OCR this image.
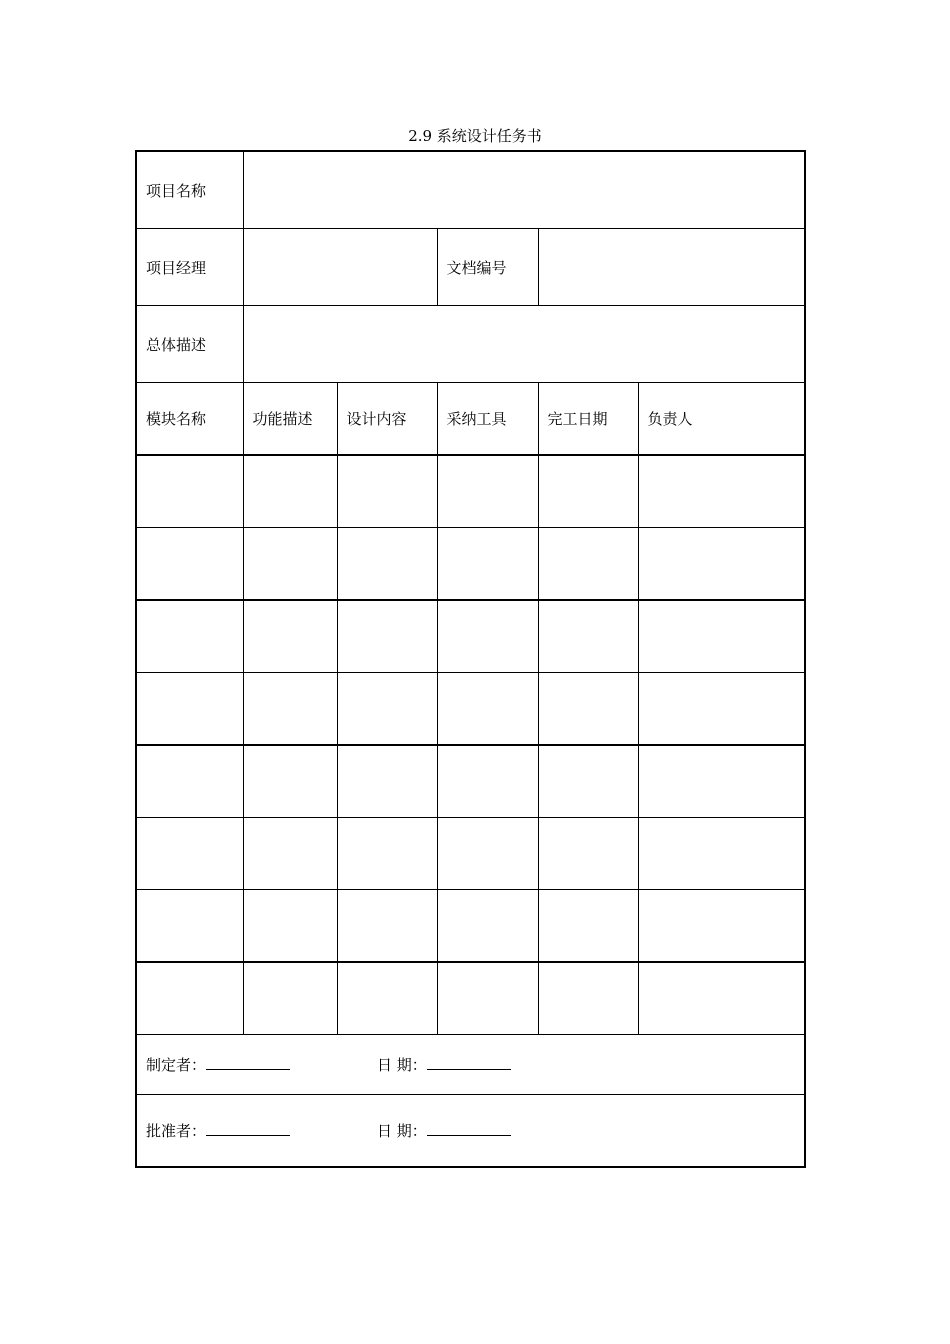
2.9 系统设计任务书
项目名称					
项目经理			文档编号		
总体描述					
模块名称	功能描述	设计内容	采纳工具	完工日期	负责人

制定者： 日 期：					
批准者： 日 期：					
